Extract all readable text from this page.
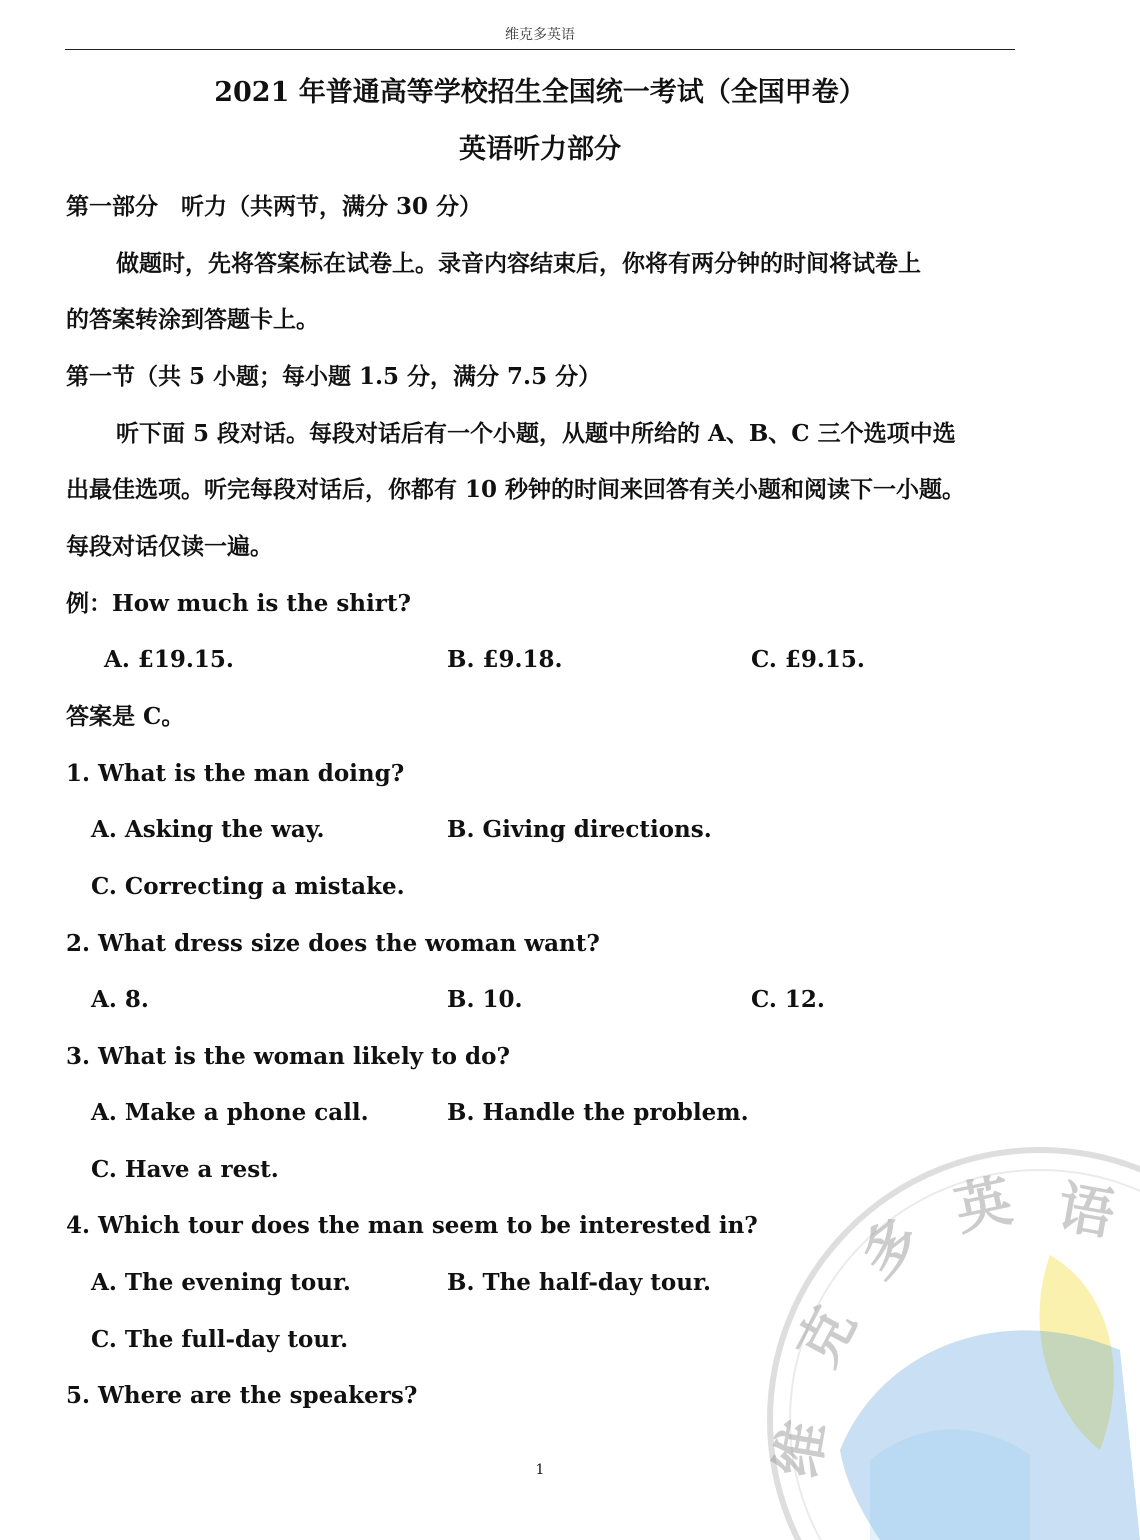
维克多英语
2021 年普通高等学校招生全国统一考试（全国甲卷）
英语听力部分
第一部分　听力（共两节，满分 30 分）
做题时，先将答案标在试卷上。录音内容结束后，你将有两分钟的时间将试卷上
的答案转涂到答题卡上。
第一节（共 5 小题；每小题 1.5 分，满分 7.5 分）
听下面 5 段对话。每段对话后有一个小题，从题中所给的 A、B、C 三个选项中选
出最佳选项。听完每段对话后，你都有 10 秒钟的时间来回答有关小题和阅读下一小题。
每段对话仅读一遍。
例：How much is the shirt?
A. £19.15.	B. £9.18.	C. £9.15.
答案是 C。
1. What is the man doing?
A. Asking the way.	B. Giving directions.
C. Correcting a mistake.
2. What dress size does the woman want?
A. 8.	B. 10.	C. 12.
3. What is the woman likely to do?
A. Make a phone call.	B. Handle the problem.
C. Have a rest.
4. Which tour does the man seem to be interested in?
A. The evening tour.	B. The half-day tour.
C. The full-day tour.
5. Where are the speakers?
1	维
克
多 英 语
